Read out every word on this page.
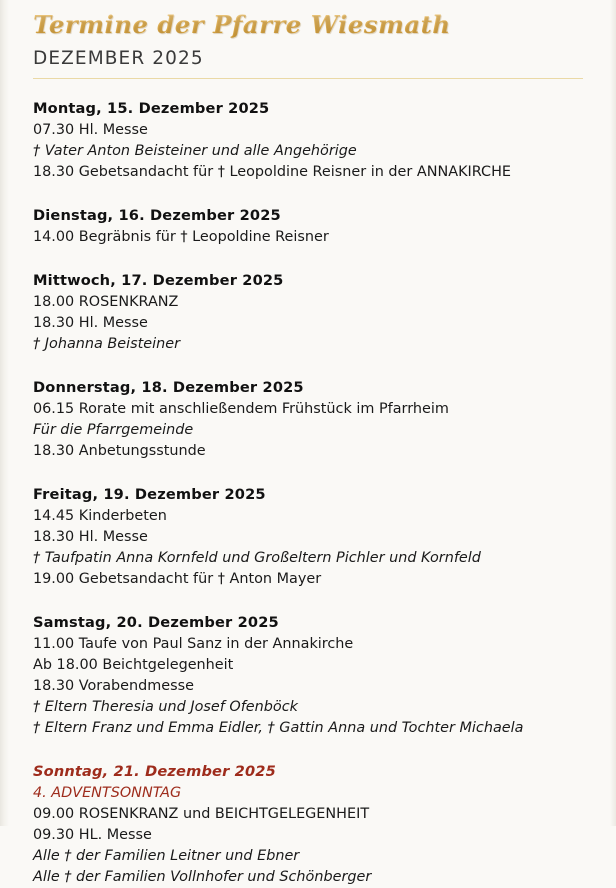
Termine der Pfarre Wiesmath
DEZEMBER 2025
Montag, 15. Dezember 2025
07.30 Hl. Messe
† Vater Anton Beisteiner und alle Angehörige
18.30 Gebetsandacht für † Leopoldine Reisner in der ANNAKIRCHE
Dienstag, 16. Dezember 2025
14.00 Begräbnis für † Leopoldine Reisner
Mittwoch, 17. Dezember 2025
18.00 ROSENKRANZ
18.30 Hl. Messe
† Johanna Beisteiner
Donnerstag, 18. Dezember 2025
06.15 Rorate mit anschließendem Frühstück im Pfarrheim
Für die Pfarrgemeinde
18.30 Anbetungsstunde
Freitag, 19. Dezember 2025
14.45 Kinderbeten
18.30 Hl. Messe
† Taufpatin Anna Kornfeld und Großeltern Pichler und Kornfeld
19.00 Gebetsandacht für † Anton Mayer
Samstag, 20. Dezember 2025
11.00 Taufe von Paul Sanz in der Annakirche
Ab 18.00 Beichtgelegenheit
18.30 Vorabendmesse
† Eltern Theresia und Josef Ofenböck
† Eltern Franz und Emma Eidler, † Gattin Anna und Tochter Michaela
Sonntag, 21. Dezember 2025
4. ADVENTSONNTAG
09.00 ROSENKRANZ und BEICHTGELEGENHEIT
09.30 HL. Messe
Alle † der Familien Leitner und Ebner
Alle † der Familien Vollnhofer und Schönberger
